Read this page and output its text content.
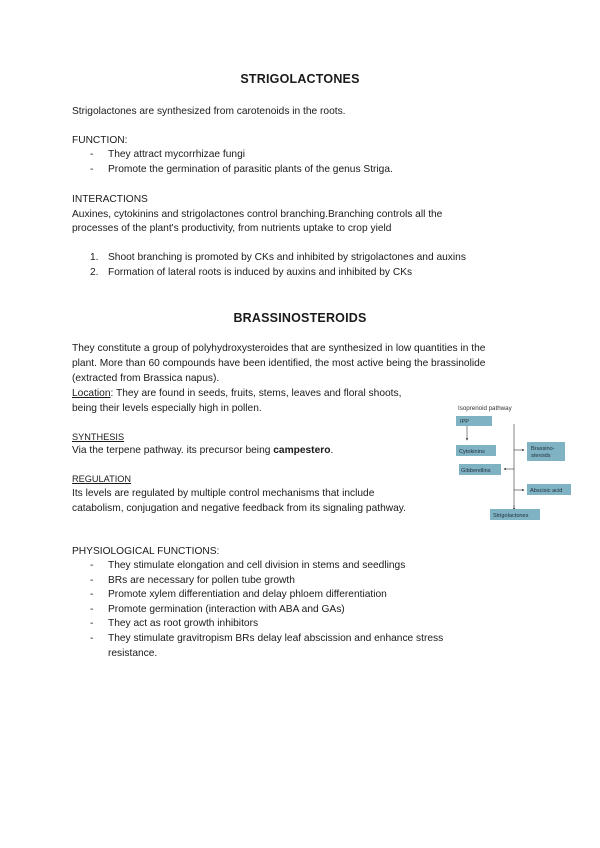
STRIGOLACTONES
Strigolactones are synthesized from carotenoids in the roots.
FUNCTION:
- They attract mycorrhizae fungi
- Promote the germination of parasitic plants of the genus Striga.
INTERACTIONS
Auxines, cytokinins and strigolactones control branching.Branching controls all the
processes of the plant's productivity, from nutrients uptake to crop yield
1. Shoot branching is promoted by CKs and inhibited by strigolactones and auxins
2. Formation of lateral roots is induced by auxins and inhibited by CKs
BRASSINOSTEROIDS
They constitute a group of polyhydroxysteroides that are synthesized in low quantities in the
plant. More than 60 compounds have been identified, the most active being the brassinolide
(extracted from Brassica napus).
Location: They are found in seeds, fruits, stems, leaves and floral shoots,
being their levels especially high in pollen.
SYNTHESIS
Via the terpene pathway. its precursor being campestero.
REGULATION
Its levels are regulated by multiple control mechanisms that include
catabolism, conjugation and negative feedback from its signaling pathway.
PHYSIOLOGICAL FUNCTIONS:
- They stimulate elongation and cell division in stems and seedlings
- BRs are necessary for pollen tube growth
- Promote xylem differentiation and delay phloem differentiation
- Promote germination (interaction with ABA and GAs)
- They act as root growth inhibitors
- They stimulate gravitropism BRs delay leaf abscission and enhance stress
resistance.
Isoprenoid pathway
IPP
Cytokinins	Brassino-
steroids
Gibberellins
Abscisic acid
Strigolactones
